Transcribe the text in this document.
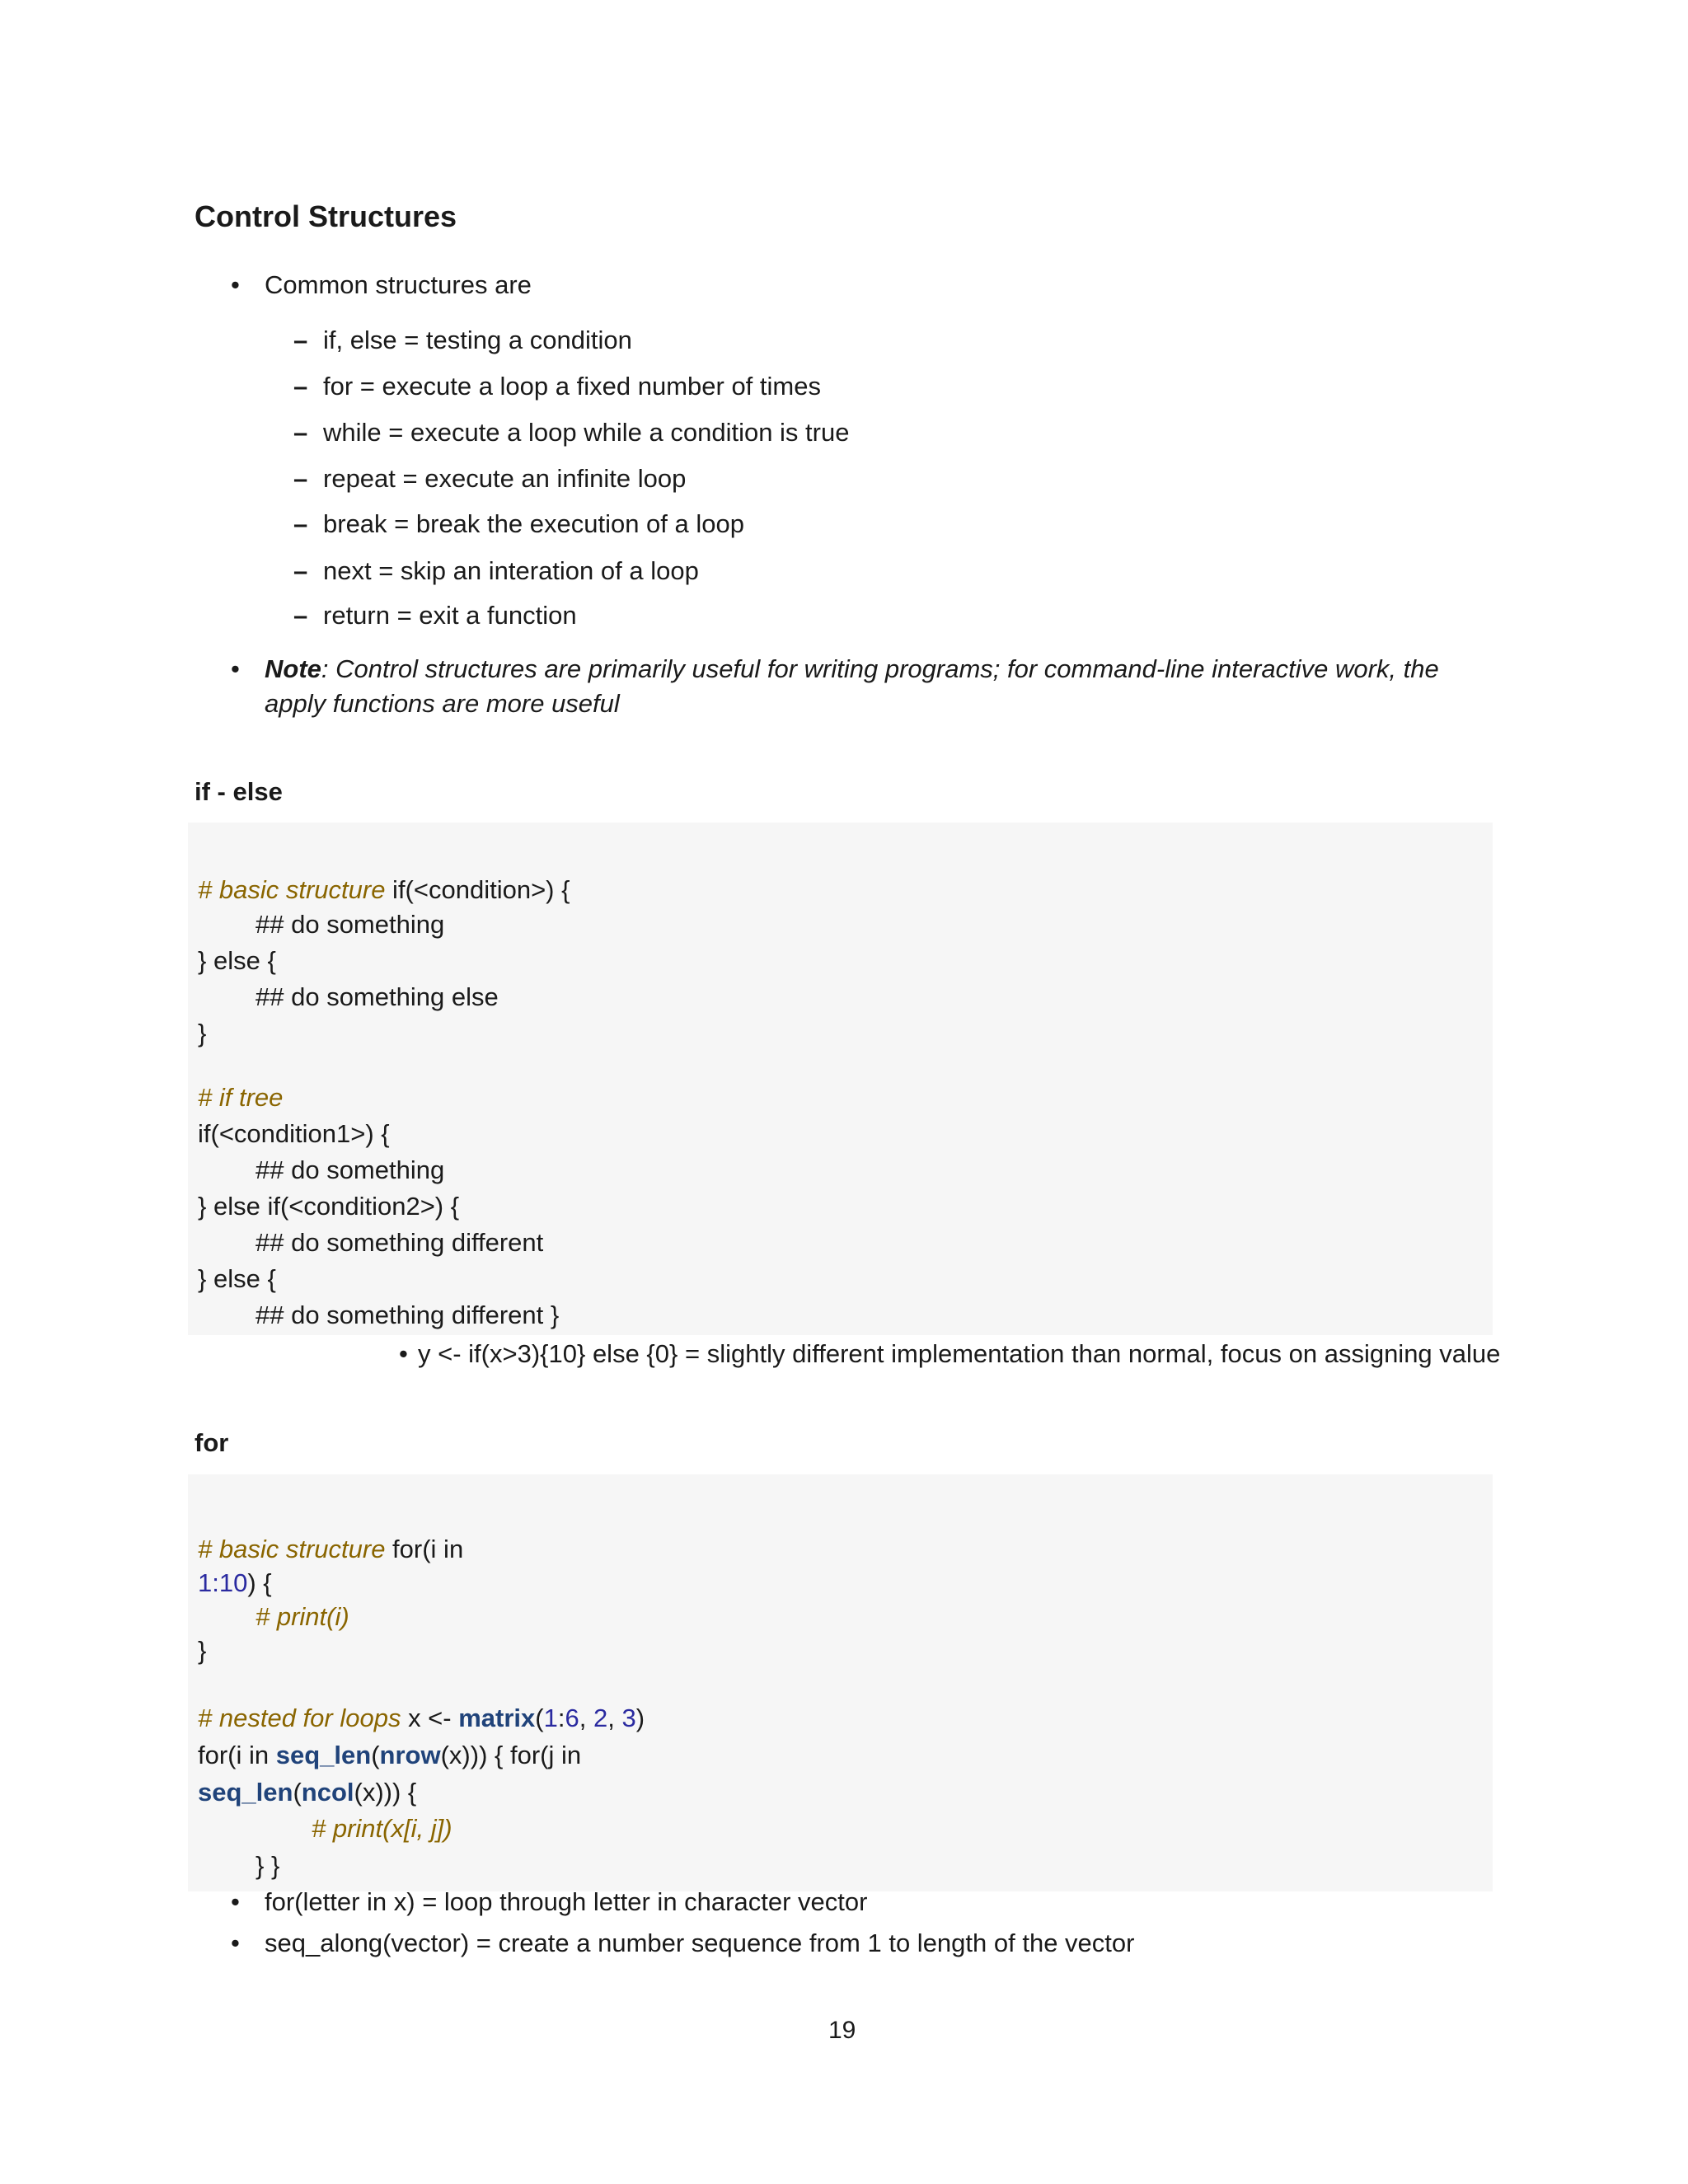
Control Structures
• Common structures are
– if, else = testing a condition
– for = execute a loop a fixed number of times
– while = execute a loop while a condition is true
– repeat = execute an infinite loop
– break = break the execution of a loop
– next = skip an interation of a loop
– return = exit a function
• Note: Control structures are primarily useful for writing programs; for command-line interactive work, the
apply functions are more useful
if - else
# basic structure if(<condition>) {
## do something
} else {
## do something else
}
# if tree
if(<condition1>) {
## do something
} else if(<condition2>) {
## do something different
} else {
## do something different }
• y <- if(x>3){10} else {0} = slightly different implementation than normal, focus on assigning value
for
# basic structure for(i in
1:10) {
# print(i)
}
# nested for loops x <- matrix(1:6, 2, 3)
for(i in seq_len(nrow(x))) { for(j in
seq_len(ncol(x))) {
# print(x[i, j])
} }
• for(letter in x) = loop through letter in character vector
• seq_along(vector) = create a number sequence from 1 to length of the vector
19
